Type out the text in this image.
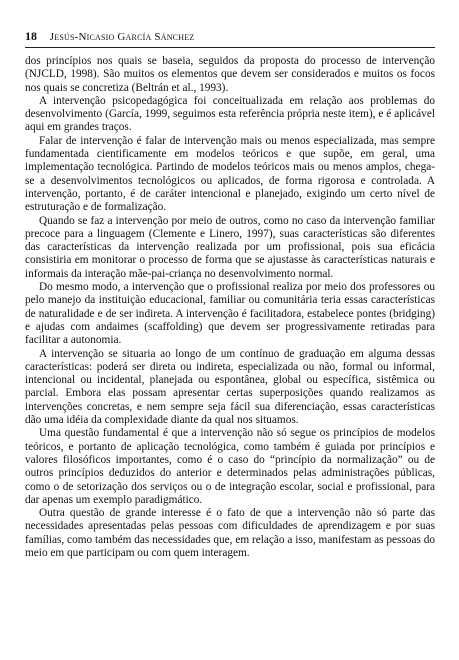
18 Jesús-Nicasio García Sánchez

dos princípios nos quais se baseia, seguidos da proposta do processo de intervenção (NJCLD, 1998). São muitos os elementos que devem ser considerados e muitos os focos nos quais se concretiza (Beltrán et al., 1993).

A intervenção psicopedagógica foi conceitualizada em relação aos problemas do desenvolvimento (García, 1999, seguimos esta referência própria neste item), e é aplicável aqui em grandes traços.

Falar de intervenção é falar de intervenção mais ou menos especializada, mas sempre fundamentada cientificamente em modelos teóricos e que supõe, em geral, uma implementação tecnológica. Partindo de modelos teóricos mais ou menos amplos, chega-se a desenvolvimentos tecnológicos ou aplicados, de forma rigorosa e controlada. A intervenção, portanto, é de caráter intencional e planejado, exigindo um certo nível de estruturação e de formalização.

Quando se faz a intervenção por meio de outros, como no caso da intervenção familiar precoce para a linguagem (Clemente e Linero, 1997), suas características são diferentes das características da intervenção realizada por um profissional, pois sua eficácia consistiria em monitorar o processo de forma que se ajustasse às características naturais e informais da interação mãe-pai-criança no desenvolvimento normal.

Do mesmo modo, a intervenção que o profissional realiza por meio dos professores ou pelo manejo da instituição educacional, familiar ou comunitária teria essas características de naturalidade e de ser indireta. A intervenção é facilitadora, estabelece pontes (bridging) e ajudas com andaimes (scaffolding) que devem ser progressivamente retiradas para facilitar a autonomia.

A intervenção se situaria ao longo de um contínuo de graduação em alguma dessas características: poderá ser direta ou indireta, especializada ou não, formal ou informal, intencional ou incidental, planejada ou espontânea, global ou específica, sistêmica ou parcial. Embora elas possam apresentar certas superposições quando realizamos as intervenções concretas, e nem sempre seja fácil sua diferenciação, essas características dão uma idéia da complexidade diante da qual nos situamos.

Uma questão fundamental é que a intervenção não só segue os princípios de modelos teóricos, e portanto de aplicação tecnológica, como também é guiada por princípios e valores filosóficos importantes, como é o caso do “princípio da normalização” ou de outros princípios deduzidos do anterior e determinados pelas administrações públicas, como o de setorização dos serviços ou o de integração escolar, social e profissional, para dar apenas um exemplo paradigmático.

Outra questão de grande interesse é o fato de que a intervenção não só parte das necessidades apresentadas pelas pessoas com dificuldades de aprendizagem e por suas famílias, como também das necessidades que, em relação a isso, manifestam as pessoas do meio em que participam ou com quem interagem.
